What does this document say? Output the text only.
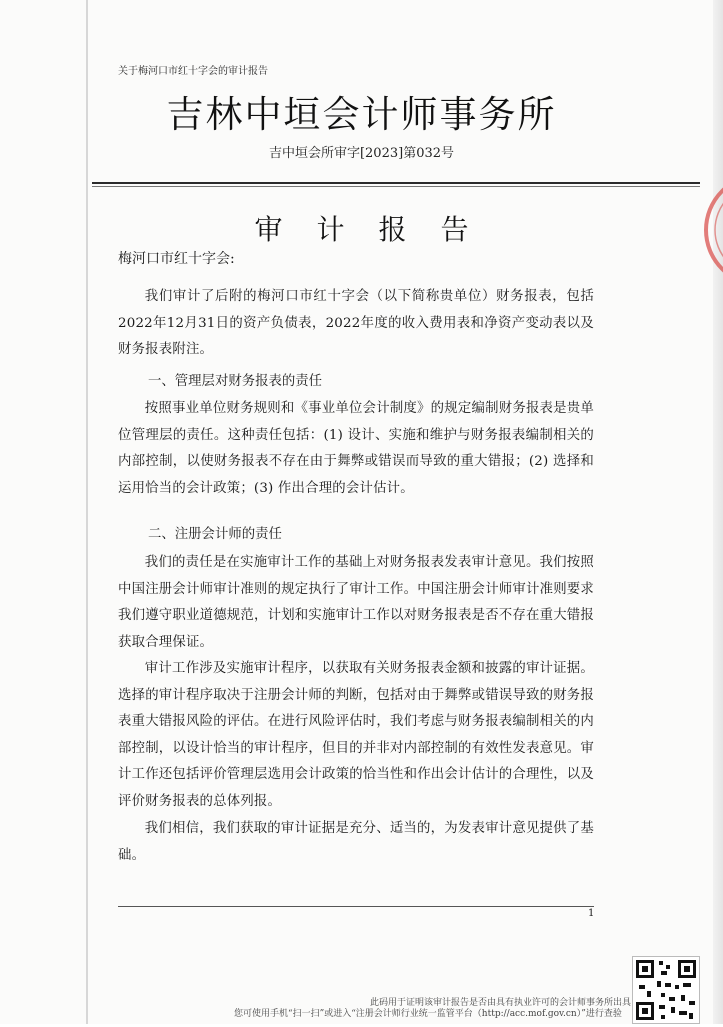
关于梅河口市红十字会的审计报告
吉林中垣会计师事务所
吉中垣会所审字[2023]第032号
审计报告
梅河口市红十字会:
我们审计了后附的梅河口市红十字会（以下简称贵单位）财务报表，包括2022年12月31日的资产负债表，2022年度的收入费用表和净资产变动表以及财务报表附注。
一、管理层对财务报表的责任
按照事业单位财务规则和《事业单位会计制度》的规定编制财务报表是贵单位管理层的责任。这种责任包括：(1) 设计、实施和维护与财务报表编制相关的内部控制，以使财务报表不存在由于舞弊或错误而导致的重大错报；(2) 选择和运用恰当的会计政策；(3) 作出合理的会计估计。
二、注册会计师的责任
我们的责任是在实施审计工作的基础上对财务报表发表审计意见。我们按照中国注册会计师审计准则的规定执行了审计工作。中国注册会计师审计准则要求我们遵守职业道德规范，计划和实施审计工作以对财务报表是否不存在重大错报获取合理保证。
审计工作涉及实施审计程序，以获取有关财务报表金额和披露的审计证据。选择的审计程序取决于注册会计师的判断，包括对由于舞弊或错误导致的财务报表重大错报风险的评估。在进行风险评估时，我们考虑与财务报表编制相关的内部控制，以设计恰当的审计程序，但目的并非对内部控制的有效性发表意见。审计工作还包括评价管理层选用会计政策的恰当性和作出会计估计的合理性，以及评价财务报表的总体列报。
我们相信，我们获取的审计证据是充分、适当的，为发表审计意见提供了基础。
1
此码用于证明该审计报告是否由具有执业许可的会计师事务所出具
您可使用手机“扫一扫”或进入“注册会计师行业统一监管平台（http://acc.mof.gov.cn）”进行查验
